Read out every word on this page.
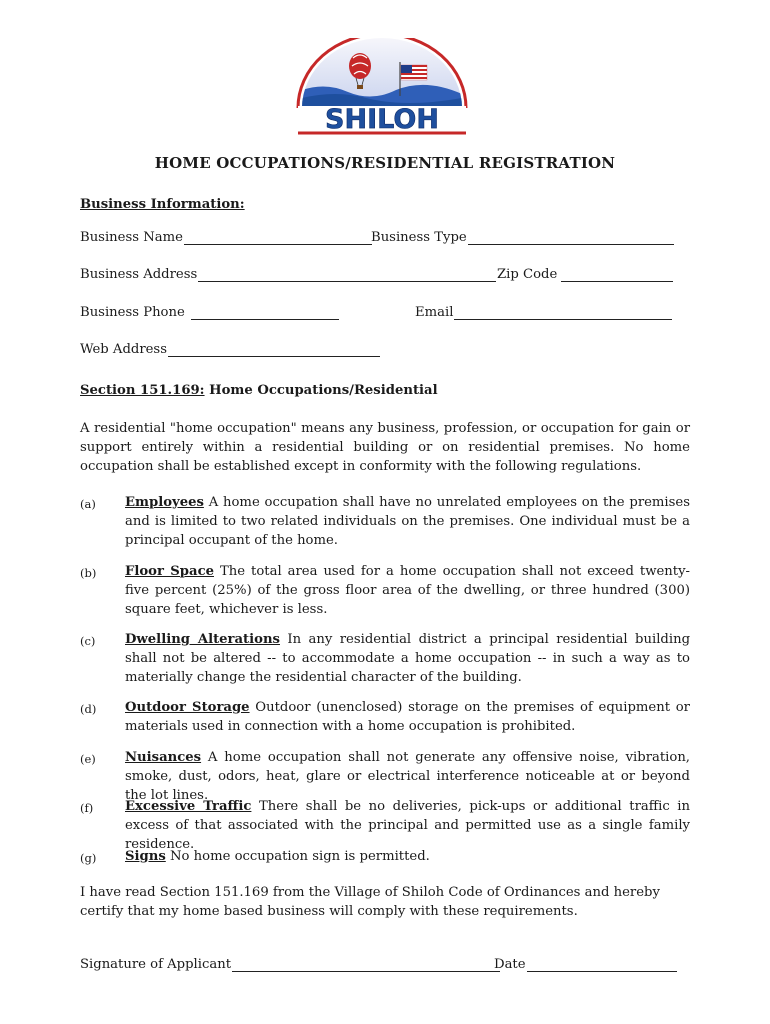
SHILOH
HOME OCCUPATIONS/RESIDENTIAL REGISTRATION
Business Information:
Business Name	Business Type
Business Address	Zip Code
Business Phone	Email
Web Address
Section 151.169: Home Occupations/Residential
A residential "home occupation" means any business, profession, or occupation for gain or support entirely within a residential building or on residential premises. No home occupation shall be established except in conformity with the following regulations.
(a) Employees A home occupation shall have no unrelated employees on the premises and is limited to two related individuals on the premises. One individual must be a principal occupant of the home.
(b) Floor Space The total area used for a home occupation shall not exceed twenty-five percent (25%) of the gross floor area of the dwelling, or three hundred (300) square feet, whichever is less.
(c) Dwelling Alterations In any residential district a principal residential building shall not be altered -- to accommodate a home occupation -- in such a way as to materially change the residential character of the building.
(d) Outdoor Storage Outdoor (unenclosed) storage on the premises of equipment or materials used in connection with a home occupation is prohibited.
(e) Nuisances A home occupation shall not generate any offensive noise, vibration, smoke, dust, odors, heat, glare or electrical interference noticeable at or beyond the lot lines.
(f) Excessive Traffic There shall be no deliveries, pick-ups or additional traffic in excess of that associated with the principal and permitted use as a single family residence.
(g) Signs No home occupation sign is permitted.
I have read Section 151.169 from the Village of Shiloh Code of Ordinances and hereby certify that my home based business will comply with these requirements.
Signature of Applicant	Date
